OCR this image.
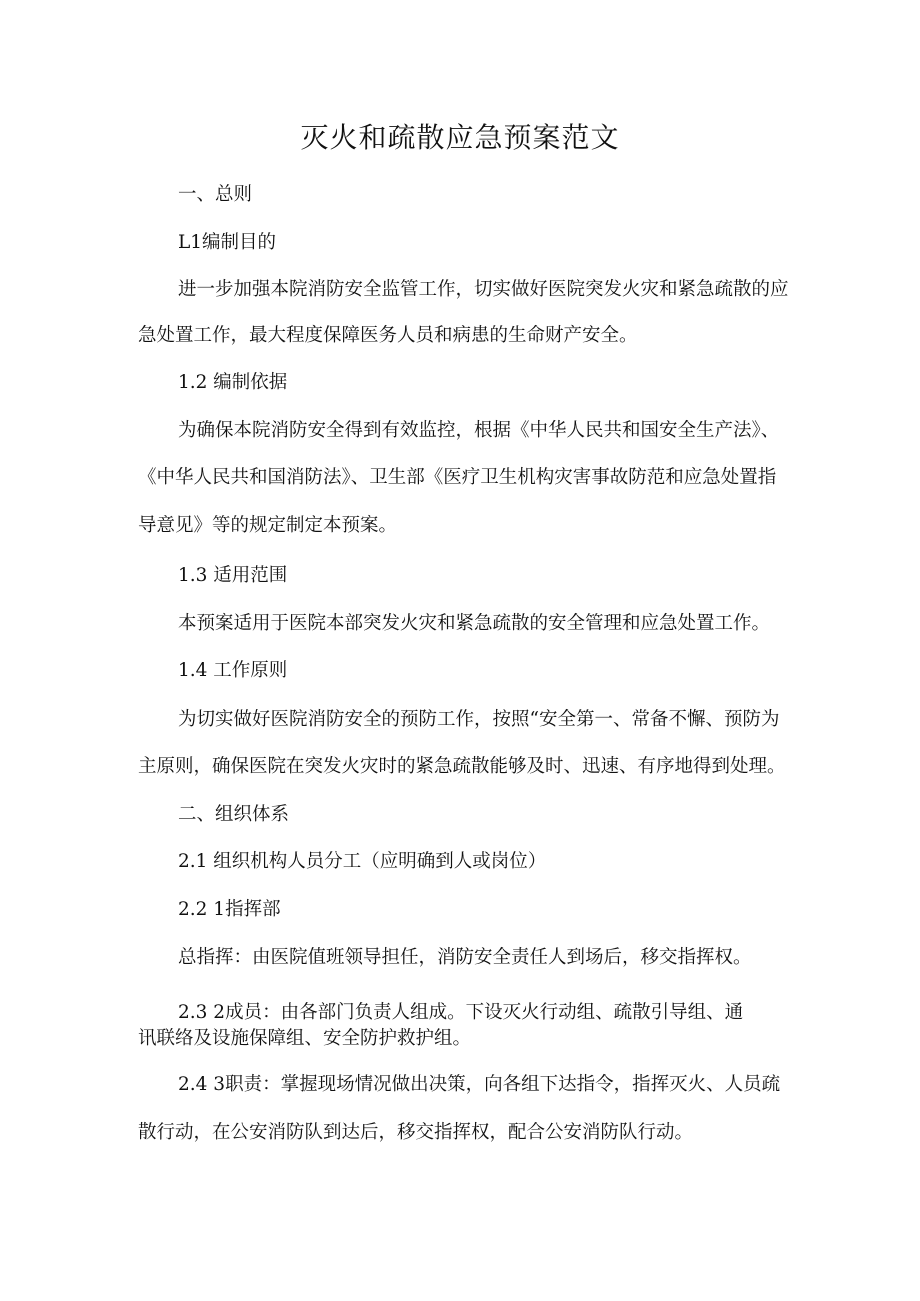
灭火和疏散应急预案范文
一、总则
L1编制目的
进一步加强本院消防安全监管工作，切实做好医院突发火灾和紧急疏散的应
急处置工作，最大程度保障医务人员和病患的生命财产安全。
1.2 编制依据
为确保本院消防安全得到有效监控，根据《中华人民共和国安全生产法》、
《中华人民共和国消防法》、卫生部《医疗卫生机构灾害事故防范和应急处置指
导意见》等的规定制定本预案。
1.3 适用范围
本预案适用于医院本部突发火灾和紧急疏散的安全管理和应急处置工作。
1.4 工作原则
为切实做好医院消防安全的预防工作，按照“安全第一、常备不懈、预防为
主原则，确保医院在突发火灾时的紧急疏散能够及时、迅速、有序地得到处理。
二、组织体系
2.1 组织机构人员分工（应明确到人或岗位）
2.2 1指挥部
总指挥：由医院值班领导担任，消防安全责任人到场后，移交指挥权。
2.3 2成员：由各部门负责人组成。下设灭火行动组、疏散引导组、通
讯联络及设施保障组、安全防护救护组。
2.4 3职责：掌握现场情况做出决策，向各组下达指令，指挥灭火、人员疏
散行动，在公安消防队到达后，移交指挥权，配合公安消防队行动。
